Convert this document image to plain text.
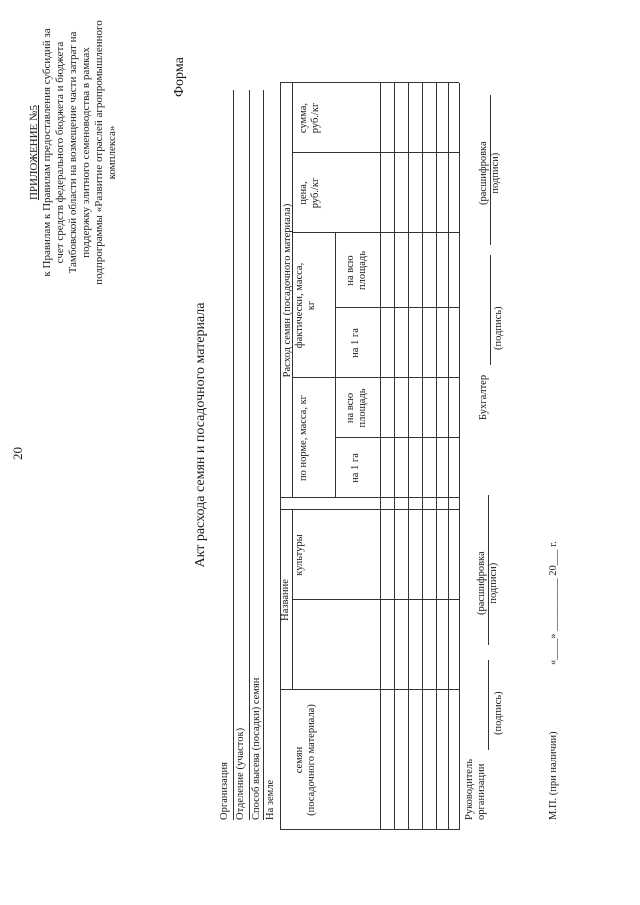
20
ПРИЛОЖЕНИЕ №5 к Правилам к Правилам предоставления субсидий за счет средств федерального бюджета и бюджета Тамбовской области на возмещение части затрат на поддержку элитного семеноводства в рамках подпрограммы «Развитие отраслей агропромышленного комплекса»
Форма
Акт расхода семян и посадочного материала
Организация Отделение (участок) Способ высева (посадки) семян На земле
Название
семян
(посадочного материала)
культуры
Расход семян (посадочного материала)
по норме, масса, кг
фактически, масса,
кг
на 1 га
на всю
площадь
на 1 га
на всю
площадь
цена,
руб./кг
сумма,
руб./кг
Руководитель
организации
(подпись)
(расшифровка
подписи)
Бухгалтер
(подпись)
(расшифровка
подписи)
М.П. (при наличии)
«____» __________ 20___ г.
